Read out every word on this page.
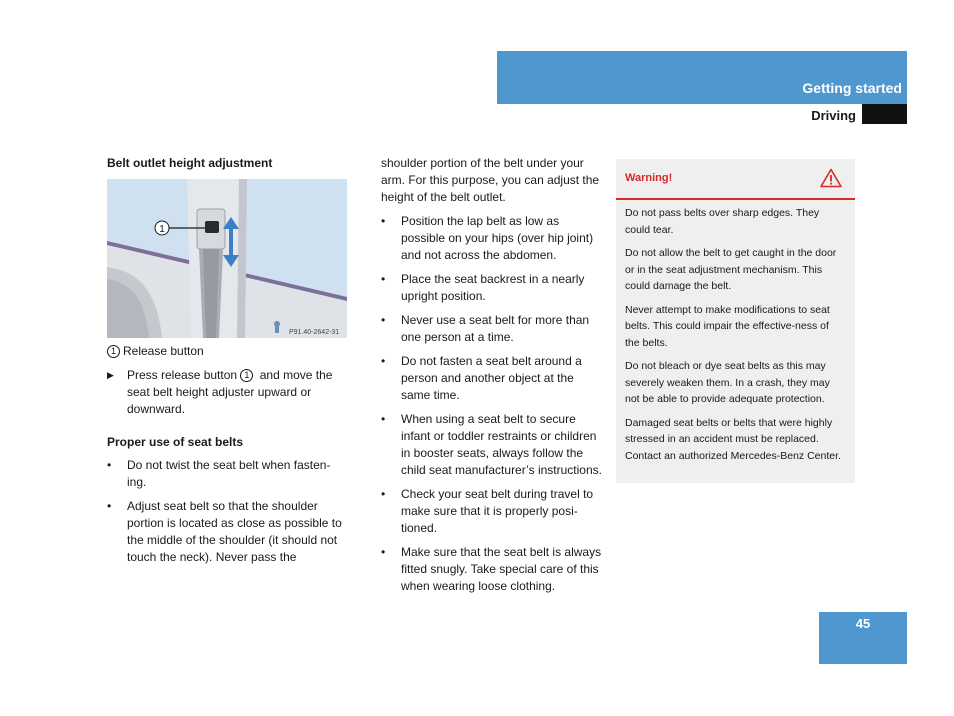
Getting started
Driving
Belt outlet height adjustment
1
P91.40-2642-31

1 Release button

▶ Press release button 1 and move the seat belt height adjuster upward or downward.
Proper use of seat belts
• Do not twist the seat belt when fasten-ing.
• Adjust seat belt so that the shoulder portion is located as close as possible to the middle of the shoulder (it should not touch the neck). Never pass the

shoulder portion of the belt under your arm. For this purpose, you can adjust the height of the belt outlet.

• Position the lap belt as low as possible on your hips (over hip joint) and not across the abdomen.
• Place the seat backrest in a nearly upright position.
• Never use a seat belt for more than one person at a time.
• Do not fasten a seat belt around a person and another object at the same time.
• When using a seat belt to secure infant or toddler restraints or children in booster seats, always follow the child seat manufacturer’s instructions.
• Check your seat belt during travel to make sure that it is properly posi-tioned.
• Make sure that the seat belt is always fitted snugly. Take special care of this when wearing loose clothing.
Warning!

Do not pass belts over sharp edges. They could tear.

Do not allow the belt to get caught in the door or in the seat adjustment mechanism. This could damage the belt.

Never attempt to make modifications to seat belts. This could impair the effective-ness of the belts.

Do not bleach or dye seat belts as this may severely weaken them. In a crash, they may not be able to provide adequate protection.

Damaged seat belts or belts that were highly stressed in an accident must be replaced. Contact an authorized Mercedes-Benz Center.

45
